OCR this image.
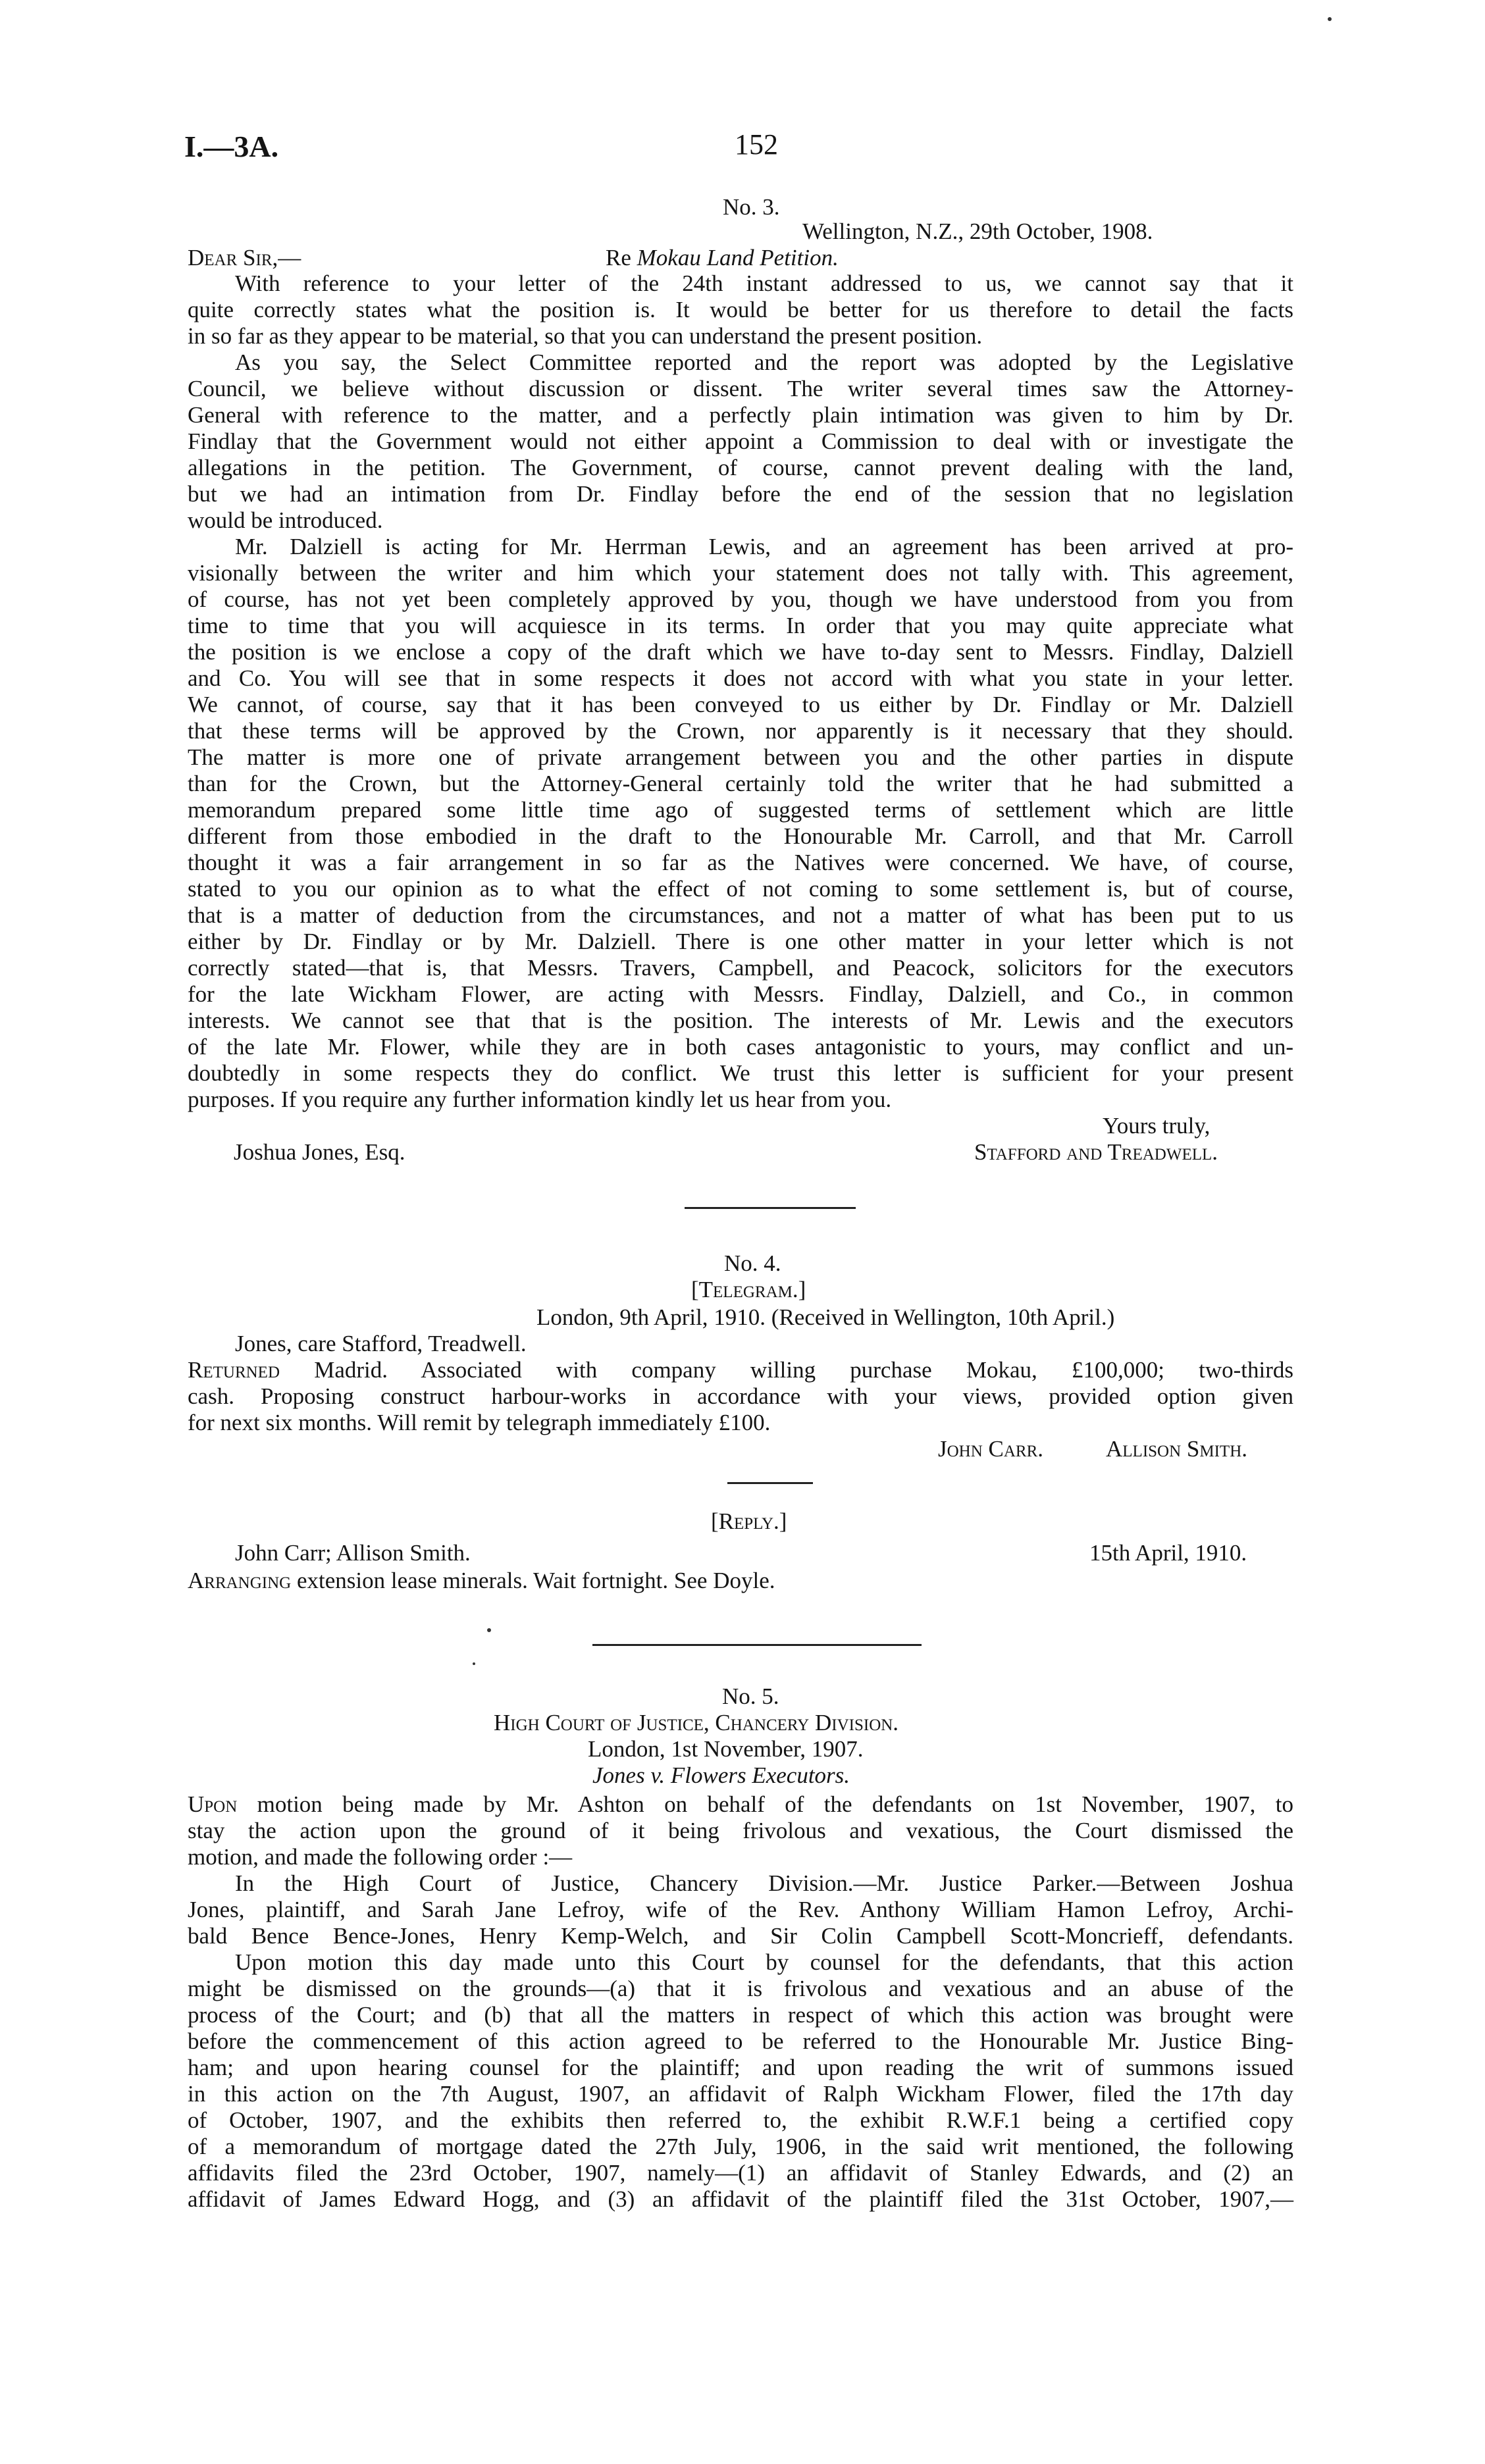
I.—3A.	152
No. 3.
Wellington, N.Z., 29th October, 1908.
Dear Sir,—	Re Mokau Land Petition.
With reference to your letter of the 24th instant addressed to us, we cannot say that it
quite correctly states what the position is. It would be better for us therefore to detail the facts
in so far as they appear to be material, so that you can understand the present position.
As you say, the Select Committee reported and the report was adopted by the Legislative
Council, we believe without discussion or dissent. The writer several times saw the Attorney-
General with reference to the matter, and a perfectly plain intimation was given to him by Dr.
Findlay that the Government would not either appoint a Commission to deal with or investigate the
allegations in the petition. The Government, of course, cannot prevent dealing with the land,
but we had an intimation from Dr. Findlay before the end of the session that no legislation
would be introduced.
Mr. Dalziell is acting for Mr. Herrman Lewis, and an agreement has been arrived at pro-
visionally between the writer and him which your statement does not tally with. This agreement,
of course, has not yet been completely approved by you, though we have understood from you from
time to time that you will acquiesce in its terms. In order that you may quite appreciate what
the position is we enclose a copy of the draft which we have to-day sent to Messrs. Findlay, Dalziell
and Co. You will see that in some respects it does not accord with what you state in your letter.
We cannot, of course, say that it has been conveyed to us either by Dr. Findlay or Mr. Dalziell
that these terms will be approved by the Crown, nor apparently is it necessary that they should.
The matter is more one of private arrangement between you and the other parties in dispute
than for the Crown, but the Attorney-General certainly told the writer that he had submitted a
memorandum prepared some little time ago of suggested terms of settlement which are little
different from those embodied in the draft to the Honourable Mr. Carroll, and that Mr. Carroll
thought it was a fair arrangement in so far as the Natives were concerned. We have, of course,
stated to you our opinion as to what the effect of not coming to some settlement is, but of course,
that is a matter of deduction from the circumstances, and not a matter of what has been put to us
either by Dr. Findlay or by Mr. Dalziell. There is one other matter in your letter which is not
correctly stated—that is, that Messrs. Travers, Campbell, and Peacock, solicitors for the executors
for the late Wickham Flower, are acting with Messrs. Findlay, Dalziell, and Co., in common
interests. We cannot see that that is the position. The interests of Mr. Lewis and the executors
of the late Mr. Flower, while they are in both cases antagonistic to yours, may conflict and un-
doubtedly in some respects they do conflict. We trust this letter is sufficient for your present
purposes. If you require any further information kindly let us hear from you.
Yours truly,
Joshua Jones, Esq.	Stafford and Treadwell.
No. 4.
[Telegram.]
London, 9th April, 1910. (Received in Wellington, 10th April.)
Jones, care Stafford, Treadwell.
Returned Madrid. Associated with company willing purchase Mokau, £100,000; two-thirds
cash. Proposing construct harbour-works in accordance with your views, provided option given
for next six months. Will remit by telegraph immediately £100.
John Carr.	Allison Smith.
[Reply.]
John Carr; Allison Smith.	15th April, 1910.
Arranging extension lease minerals. Wait fortnight. See Doyle.
No. 5.
High Court of Justice, Chancery Division.
London, 1st November, 1907.
Jones v. Flowers Executors.
Upon motion being made by Mr. Ashton on behalf of the defendants on 1st November, 1907, to
stay the action upon the ground of it being frivolous and vexatious, the Court dismissed the
motion, and made the following order :—
In the High Court of Justice, Chancery Division.—Mr. Justice Parker.—Between Joshua
Jones, plaintiff, and Sarah Jane Lefroy, wife of the Rev. Anthony William Hamon Lefroy, Archi-
bald Bence Bence-Jones, Henry Kemp-Welch, and Sir Colin Campbell Scott-Moncrieff, defendants.
Upon motion this day made unto this Court by counsel for the defendants, that this action
might be dismissed on the grounds—(a) that it is frivolous and vexatious and an abuse of the
process of the Court; and (b) that all the matters in respect of which this action was brought were
before the commencement of this action agreed to be referred to the Honourable Mr. Justice Bing-
ham; and upon hearing counsel for the plaintiff; and upon reading the writ of summons issued
in this action on the 7th August, 1907, an affidavit of Ralph Wickham Flower, filed the 17th day
of October, 1907, and the exhibits then referred to, the exhibit R.W.F.1 being a certified copy
of a memorandum of mortgage dated the 27th July, 1906, in the said writ mentioned, the following
affidavits filed the 23rd October, 1907, namely—(1) an affidavit of Stanley Edwards, and (2) an
affidavit of James Edward Hogg, and (3) an affidavit of the plaintiff filed the 31st October, 1907,—
